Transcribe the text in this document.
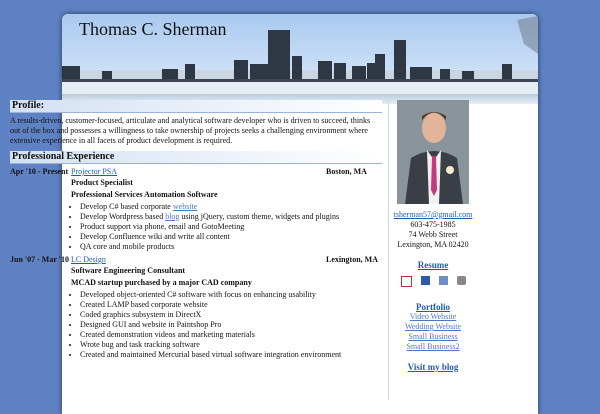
Thomas C. Sherman
Profile:

A results-driven, customer-focused, articulate and analytical software developer who is driven to succeed, thinks out of the box and possesses a willingness to take ownership of projects seeks a challenging environment where extensive experience in all facets of product development is required.

Professional Experience
Apr '10 - Present Projector PSA	Boston, MA
Product Specialist
Professional Services Automation Software
• Develop C# based corporate website
• Develop Wordpress based blog using jQuery, custom theme, widgets and plugins
• Product support via phone, email and GotoMeeting
• Develop Confluence wiki and write all content
• QA core and mobile products
Jun '07 - Mar '10 LC Design	Lexington, MA
Software Engineering Consultant
MCAD startup purchased by a major CAD company
• Developed object-oriented C# software with focus on enhancing usability
• Created LAMP based corporate website
• Coded graphics subsystem in DirectX
• Designed GUI and website in Paintshop Pro
• Created demonstration videos and marketing materials
• Wrote bug and task tracking software
• Created and maintained Mercurial based virtual software integration environment
tsherman57@gmail.com
603-475-1985
74 Webb Street
Lexington, MA 02420
Resume
Portfolio
Video Website
Wedding Website
Small Business
Small Business2
Visit my blog
